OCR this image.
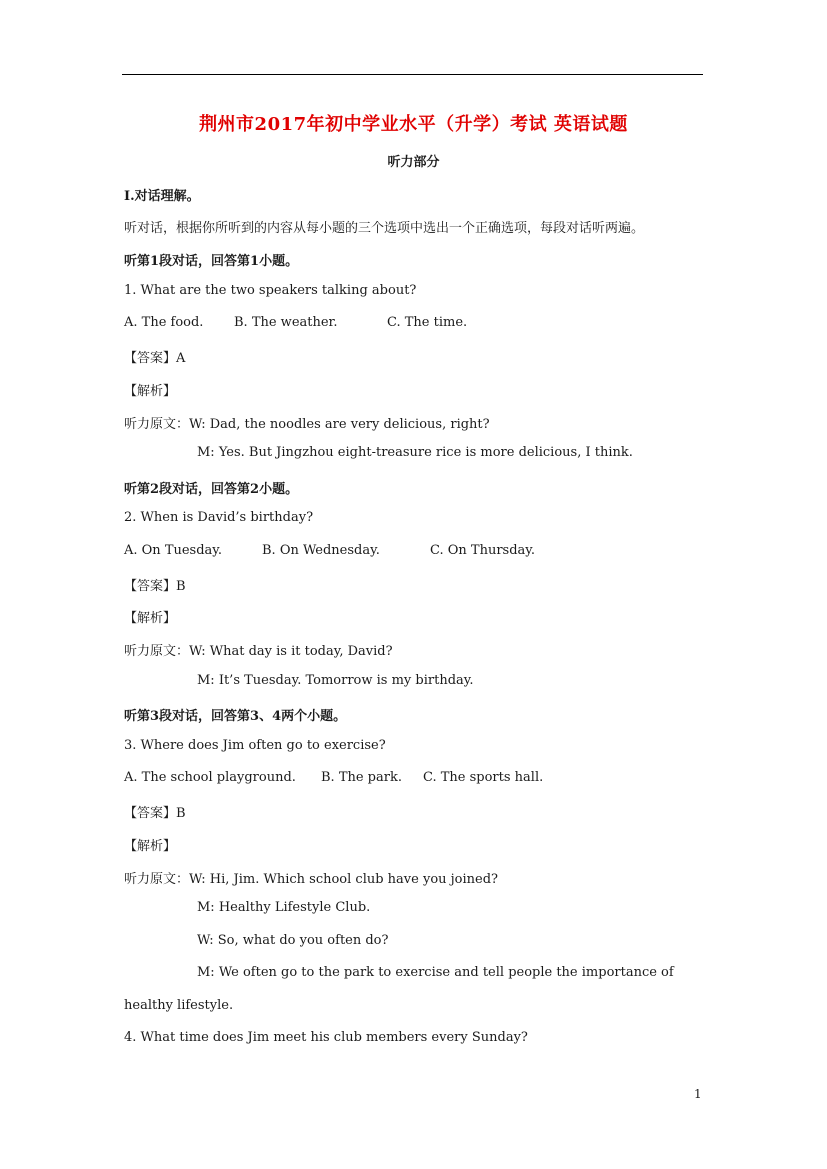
荆州市2017年初中学业水平（升学）考试 英语试题
听力部分
I.对话理解。
听对话，根据你所听到的内容从每小题的三个选项中选出一个正确选项，每段对话听两遍。
听第1段对话，回答第1小题。
1. What are the two speakers talking about?
A. The food. B. The weather.	C. The time.
【答案】A
【解析】
听力原文：W: Dad, the noodles are very delicious, right?
M: Yes. But Jingzhou eight-treasure rice is more delicious, I think.
听第2段对话，回答第2小题。
2. When is David’s birthday?
A. On Tuesday.	B. On Wednesday.	C. On Thursday.
【答案】B
【解析】
听力原文：W: What day is it today, David?
M: It’s Tuesday. Tomorrow is my birthday.
听第3段对话，回答第3、4两个小题。
3. Where does Jim often go to exercise?
A. The school playground. B. The park. C. The sports hall.
【答案】B
【解析】
听力原文：W: Hi, Jim. Which school club have you joined?
M: Healthy Lifestyle Club.
W: So, what do you often do?
M: We often go to the park to exercise and tell people the importance of
healthy lifestyle.
4. What time does Jim meet his club members every Sunday?
1
